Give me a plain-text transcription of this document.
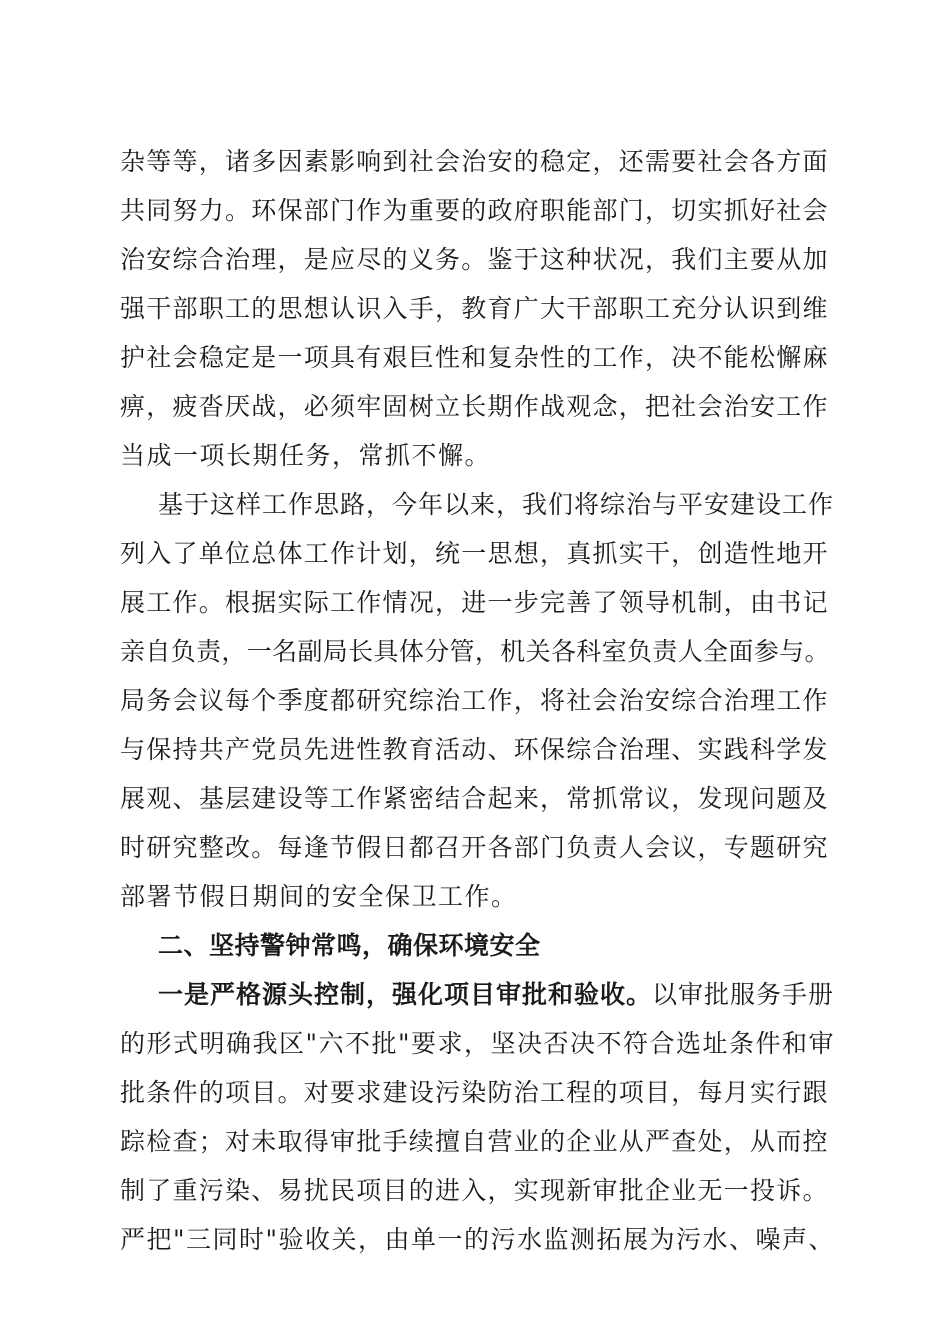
杂等等，诸多因素影响到社会治安的稳定，还需要社会各方面
共同努力。环保部门作为重要的政府职能部门，切实抓好社会
治安综合治理，是应尽的义务。鉴于这种状况，我们主要从加
强干部职工的思想认识入手，教育广大干部职工充分认识到维
护社会稳定是一项具有艰巨性和复杂性的工作，决不能松懈麻
痹，疲沓厌战，必须牢固树立长期作战观念，把社会治安工作
当成一项长期任务，常抓不懈。
基于这样工作思路，今年以来，我们将综治与平安建设工作
列入了单位总体工作计划，统一思想，真抓实干，创造性地开
展工作。根据实际工作情况，进一步完善了领导机制，由书记
亲自负责，一名副局长具体分管，机关各科室负责人全面参与。
局务会议每个季度都研究综治工作，将社会治安综合治理工作
与保持共产党员先进性教育活动、环保综合治理、实践科学发
展观、基层建设等工作紧密结合起来，常抓常议，发现问题及
时研究整改。每逢节假日都召开各部门负责人会议，专题研究
部署节假日期间的安全保卫工作。
二、坚持警钟常鸣，确保环境安全
一是严格源头控制，强化项目审批和验收。以审批服务手册
的形式明确我区"六不批"要求，坚决否决不符合选址条件和审
批条件的项目。对要求建设污染防治工程的项目，每月实行跟
踪检查；对未取得审批手续擅自营业的企业从严查处，从而控
制了重污染、易扰民项目的进入，实现新审批企业无一投诉。
严把"三同时"验收关，由单一的污水监测拓展为污水、噪声、
